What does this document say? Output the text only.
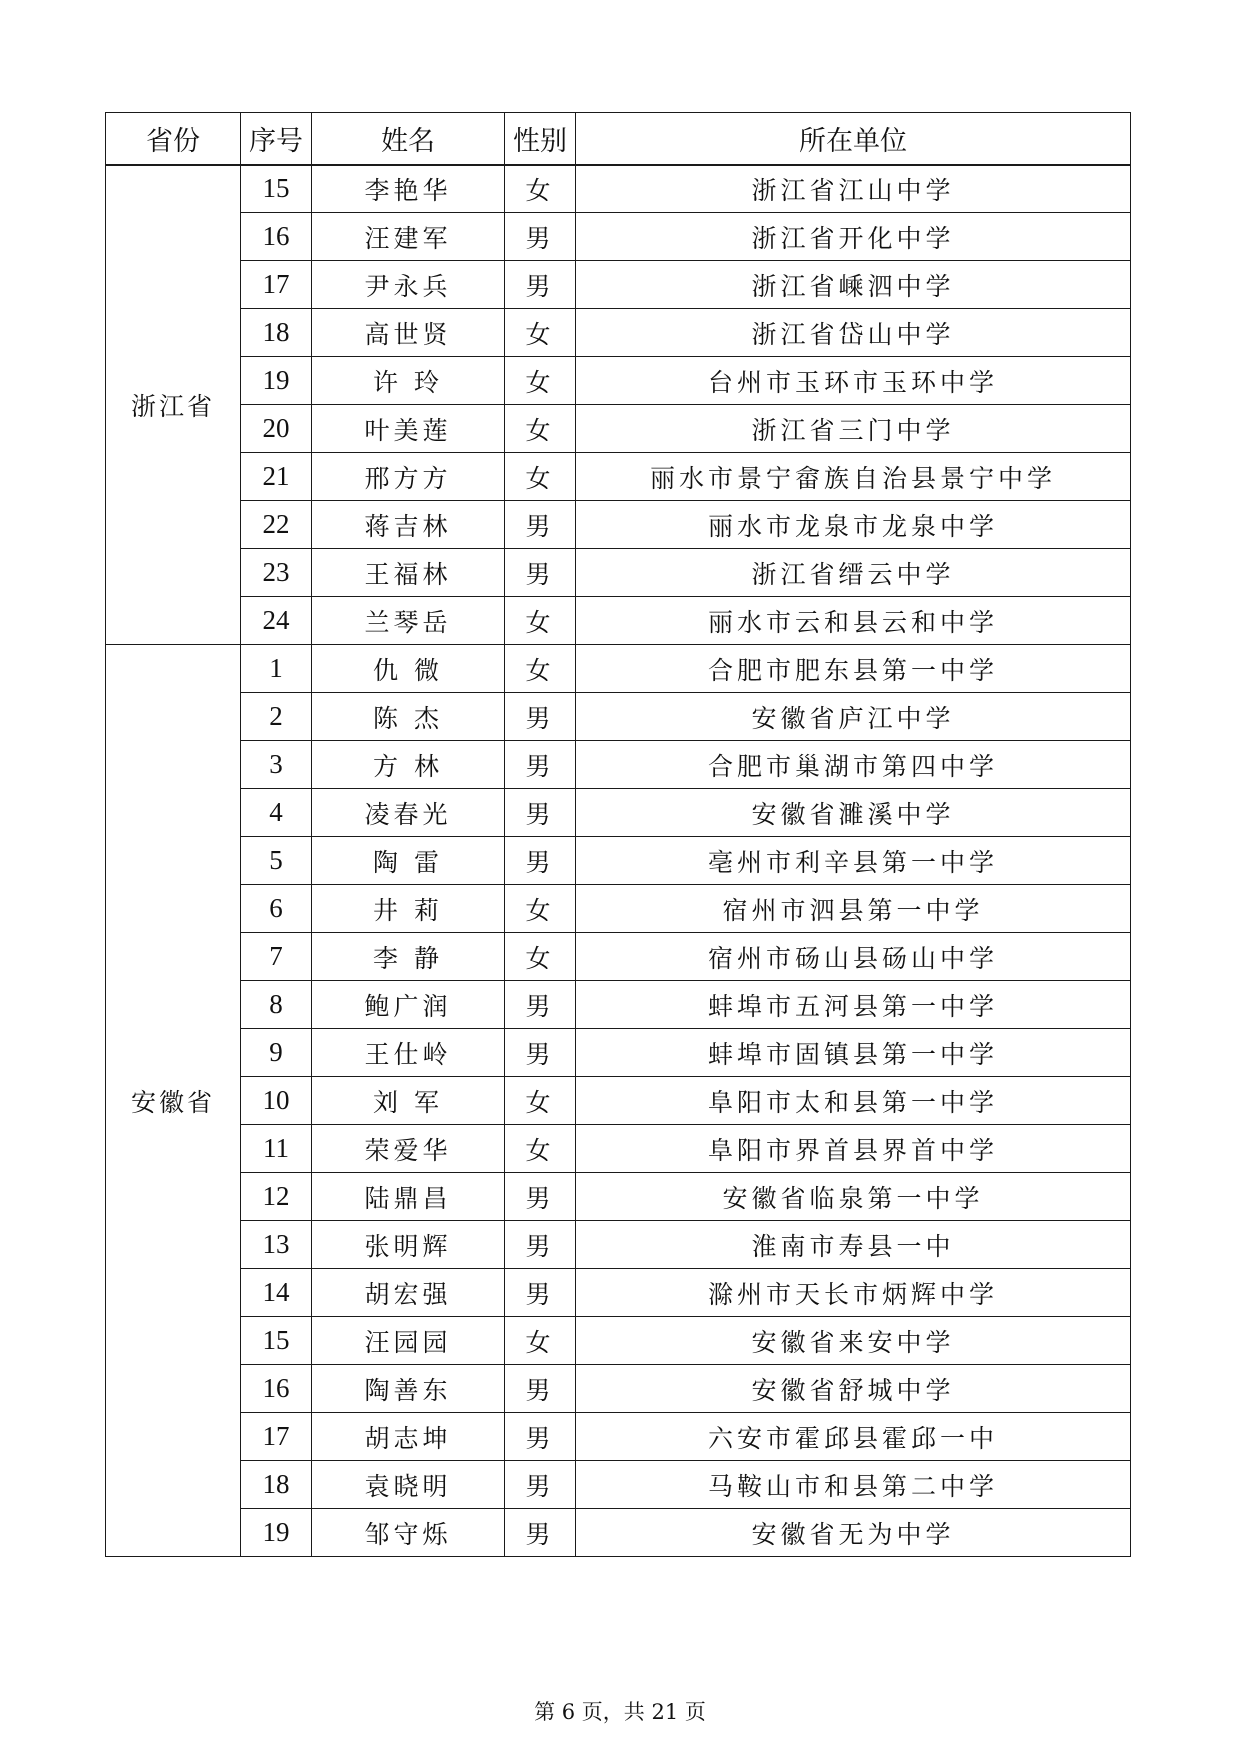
省份	序号	姓名	性别	所在单位
浙江省	15	李艳华	女	浙江省江山中学
	16	汪建军	男	浙江省开化中学
	17	尹永兵	男	浙江省嵊泗中学
	18	高世贤	女	浙江省岱山中学
	19	许 玲	女	台州市玉环市玉环中学
	20	叶美莲	女	浙江省三门中学
	21	邢方方	女	丽水市景宁畲族自治县景宁中学
	22	蒋吉林	男	丽水市龙泉市龙泉中学
	23	王福林	男	浙江省缙云中学
	24	兰琴岳	女	丽水市云和县云和中学
安徽省	1	仇 微	女	合肥市肥东县第一中学
	2	陈 杰	男	安徽省庐江中学
	3	方 林	男	合肥市巢湖市第四中学
	4	凌春光	男	安徽省濉溪中学
	5	陶 雷	男	亳州市利辛县第一中学
	6	井 莉	女	宿州市泗县第一中学
	7	李 静	女	宿州市砀山县砀山中学
	8	鲍广润	男	蚌埠市五河县第一中学
	9	王仕岭	男	蚌埠市固镇县第一中学
	10	刘 军	女	阜阳市太和县第一中学
	11	荣爱华	女	阜阳市界首县界首中学
	12	陆鼎昌	男	安徽省临泉第一中学
	13	张明辉	男	淮南市寿县一中
	14	胡宏强	男	滁州市天长市炳辉中学
	15	汪园园	女	安徽省来安中学
	16	陶善东	男	安徽省舒城中学
	17	胡志坤	男	六安市霍邱县霍邱一中
	18	袁晓明	男	马鞍山市和县第二中学
	19	邹守烁	男	安徽省无为中学
第 6 页，共 21 页
